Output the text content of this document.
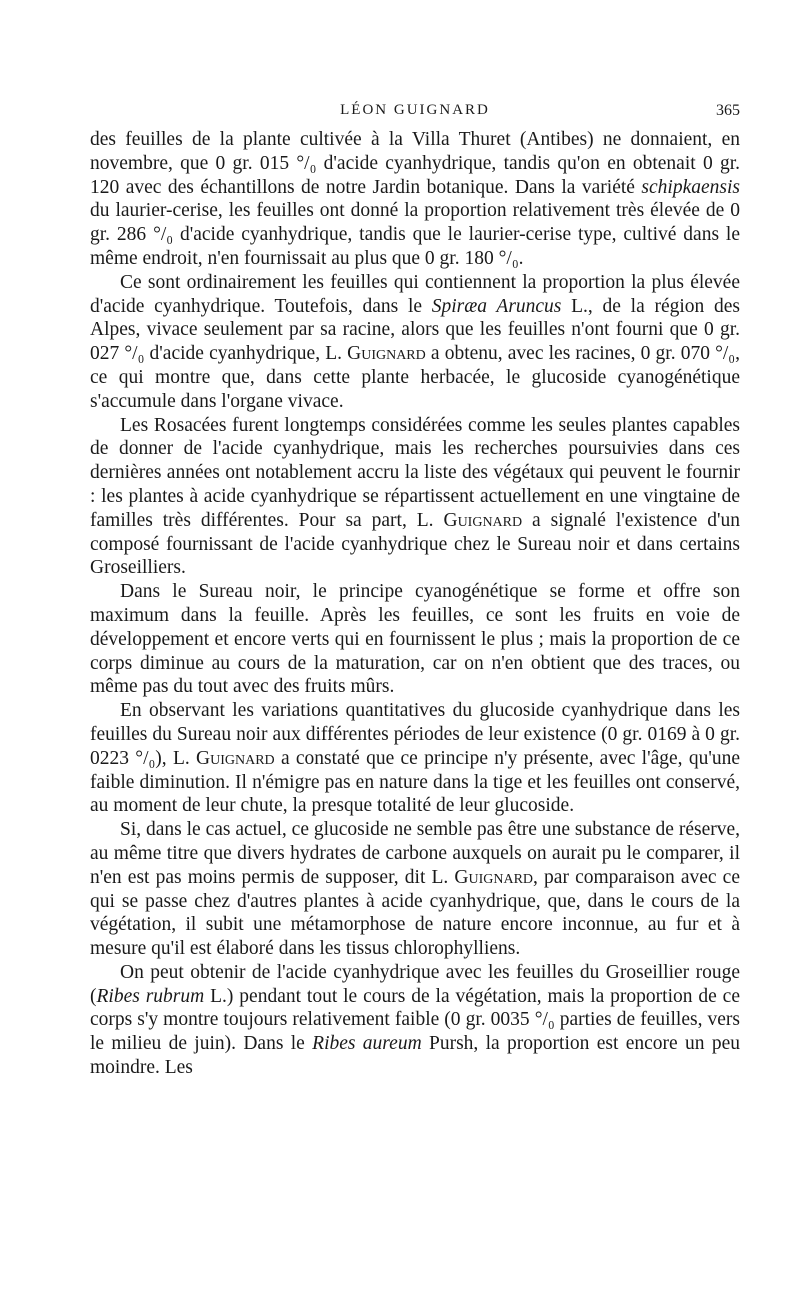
LÉON GUIGNARD	365

des feuilles de la plante cultivée à la Villa Thuret (Antibes) ne donnaient, en novembre, que 0 gr. 015 °/₀ d'acide cyanhydrique, tandis qu'on en obtenait 0 gr. 120 avec des échantillons de notre Jardin botanique. Dans la variété schipkaensis du laurier-cerise, les feuilles ont donné la proportion relativement très élevée de 0 gr. 286 °/₀ d'acide cyanhydrique, tandis que le laurier-cerise type, cultivé dans le même endroit, n'en fournissait au plus que 0 gr. 180 °/₀.

Ce sont ordinairement les feuilles qui contiennent la proportion la plus élevée d'acide cyanhydrique. Toutefois, dans le Spiræa Aruncus L., de la région des Alpes, vivace seulement par sa racine, alors que les feuilles n'ont fourni que 0 gr. 027 °/₀ d'acide cyanhydrique, L. Guignard a obtenu, avec les racines, 0 gr. 070 °/₀, ce qui montre que, dans cette plante herbacée, le glucoside cyanogénétique s'accumule dans l'organe vivace.

Les Rosacées furent longtemps considérées comme les seules plantes capables de donner de l'acide cyanhydrique, mais les recherches poursuivies dans ces dernières années ont notablement accru la liste des végétaux qui peuvent le fournir : les plantes à acide cyanhydrique se répartissent actuellement en une vingtaine de familles très différentes. Pour sa part, L. Guignard a signalé l'existence d'un composé fournissant de l'acide cyanhydrique chez le Sureau noir et dans certains Groseilliers.

Dans le Sureau noir, le principe cyanogénétique se forme et offre son maximum dans la feuille. Après les feuilles, ce sont les fruits en voie de développement et encore verts qui en fournissent le plus ; mais la proportion de ce corps diminue au cours de la maturation, car on n'en obtient que des traces, ou même pas du tout avec des fruits mûrs.

En observant les variations quantitatives du glucoside cyanhydrique dans les feuilles du Sureau noir aux différentes périodes de leur existence (0 gr. 0169 à 0 gr. 0223 °/₀), L. Guignard a constaté que ce principe n'y présente, avec l'âge, qu'une faible diminution. Il n'émigre pas en nature dans la tige et les feuilles ont conservé, au moment de leur chute, la presque totalité de leur glucoside.

Si, dans le cas actuel, ce glucoside ne semble pas être une substance de réserve, au même titre que divers hydrates de carbone auxquels on aurait pu le comparer, il n'en est pas moins permis de supposer, dit L. Guignard, par comparaison avec ce qui se passe chez d'autres plantes à acide cyanhydrique, que, dans le cours de la végétation, il subit une métamorphose de nature encore inconnue, au fur et à mesure qu'il est élaboré dans les tissus chlorophylliens.

On peut obtenir de l'acide cyanhydrique avec les feuilles du Groseillier rouge (Ribes rubrum L.) pendant tout le cours de la végétation, mais la proportion de ce corps s'y montre toujours relativement faible (0 gr. 0035 °/₀ parties de feuilles, vers le milieu de juin). Dans le Ribes aureum Pursh, la proportion est encore un peu moindre. Les
